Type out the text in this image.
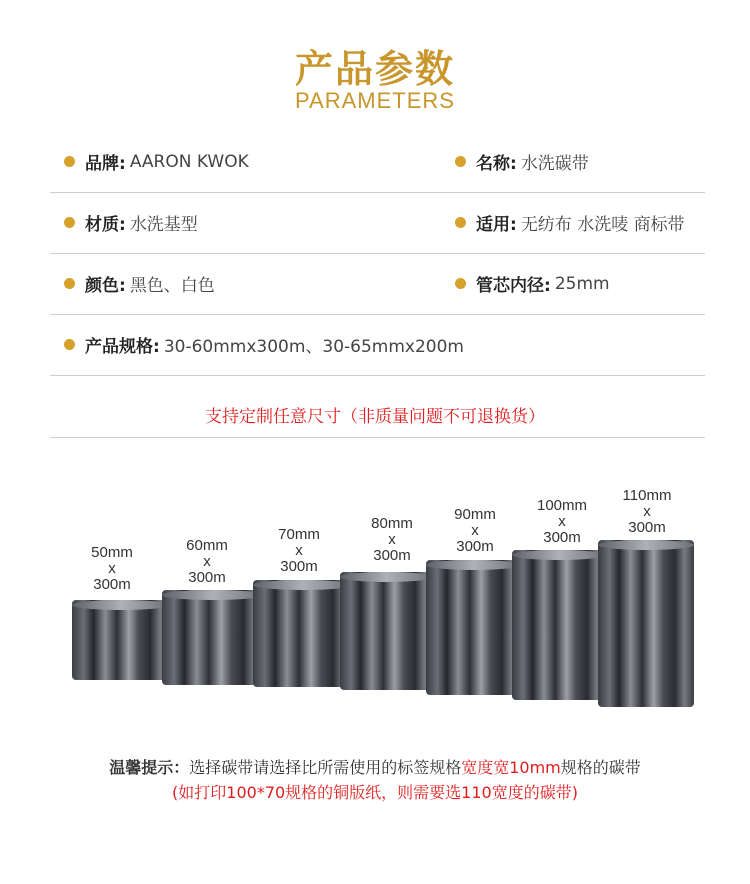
产品参数
PARAMETERS
品牌: AARON KWOK	名称: 水洗碳带
材质: 水洗基型	适用: 无纺布 水洗唛 商标带
颜色: 黑色、白色	管芯内径: 25mm
产品规格: 30-60mmx300m、30-65mmx200m
支持定制任意尺寸（非质量问题不可退换货）
50mm
x
300m
60mm
x
300m
70mm
x
300m
80mm
x
300m
90mm
x
300m
100mm
x
300m
110mm
x
300m
温馨提示：选择碳带请选择比所需使用的标签规格宽度宽10mm规格的碳带
(如打印100*70规格的铜版纸，则需要选110宽度的碳带)
